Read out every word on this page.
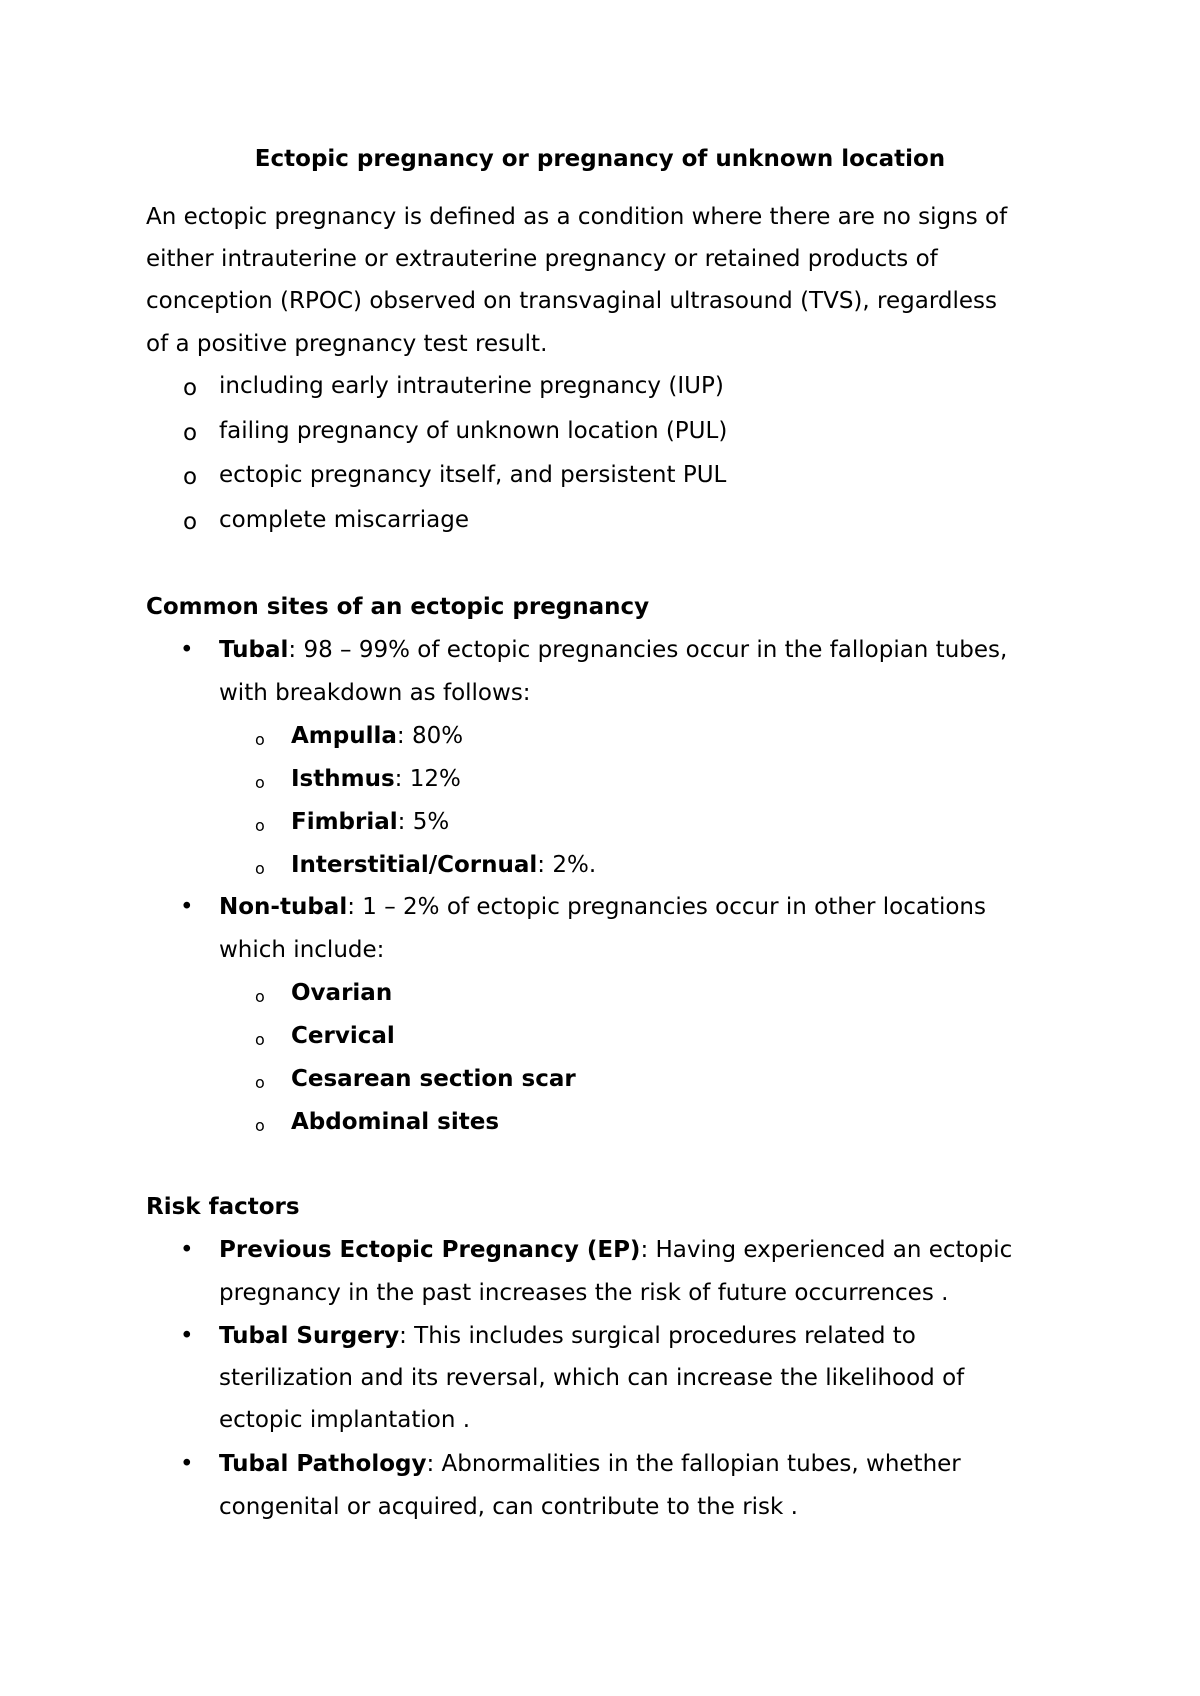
Ectopic pregnancy or pregnancy of unknown location
An ectopic pregnancy is defined as a condition where there are no signs of
either intrauterine or extrauterine pregnancy or retained products of
conception (RPOC) observed on transvaginal ultrasound (TVS), regardless
of a positive pregnancy test result.
o including early intrauterine pregnancy (IUP)
o failing pregnancy of unknown location (PUL)
o ectopic pregnancy itself, and persistent PUL
o complete miscarriage
Common sites of an ectopic pregnancy
• Tubal: 98 – 99% of ectopic pregnancies occur in the fallopian tubes,
with breakdown as follows:
o Ampulla: 80%
o Isthmus: 12%
o Fimbrial: 5%
o Interstitial/Cornual: 2%.
• Non-tubal: 1 – 2% of ectopic pregnancies occur in other locations
which include:
o Ovarian
o Cervical
o Cesarean section scar
o Abdominal sites
Risk factors
• Previous Ectopic Pregnancy (EP): Having experienced an ectopic
pregnancy in the past increases the risk of future occurrences .
• Tubal Surgery: This includes surgical procedures related to
sterilization and its reversal, which can increase the likelihood of
ectopic implantation .
• Tubal Pathology: Abnormalities in the fallopian tubes, whether
congenital or acquired, can contribute to the risk .
